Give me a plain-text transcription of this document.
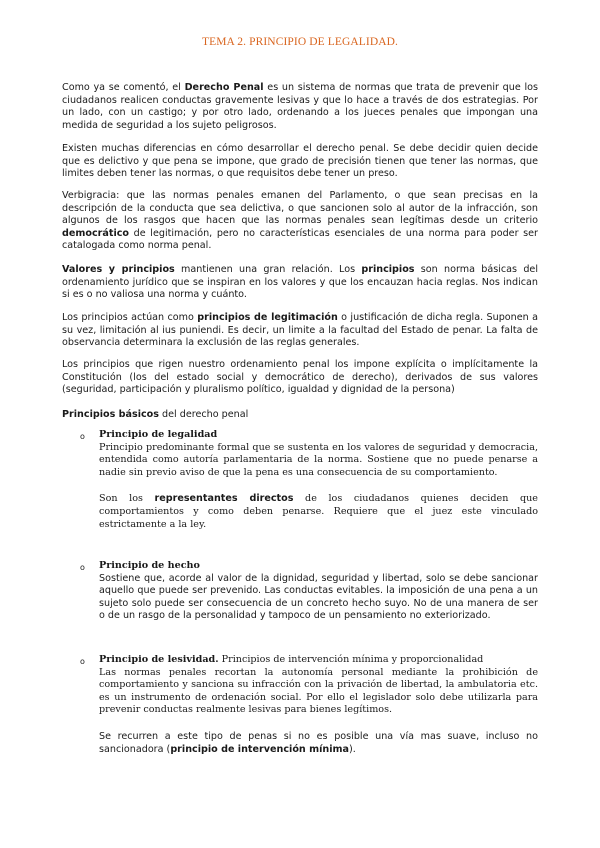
TEMA 2. PRINCIPIO DE LEGALIDAD.
Como ya se comentó, el Derecho Penal es un sistema de normas que trata de prevenir que los ciudadanos realicen conductas gravemente lesivas y que lo hace a través de dos estrategias. Por un lado, con un castigo; y por otro lado, ordenando a los jueces penales que impongan una medida de seguridad a los sujeto peligrosos.
Existen muchas diferencias en cómo desarrollar el derecho penal. Se debe decidir quien decide que es delictivo y que pena se impone, que grado de precisión tienen que tener las normas, que limites deben tener las normas, o que requisitos debe tener un preso.
Verbigracia: que las normas penales emanen del Parlamento, o que sean precisas en la descripción de la conducta que sea delictiva, o que sancionen solo al autor de la infracción, son algunos de los rasgos que hacen que las normas penales sean legítimas desde un criterio democrático de legitimación, pero no características esenciales de una norma para poder ser catalogada como norma penal.
Valores y principios mantienen una gran relación. Los principios son norma básicas del ordenamiento jurídico que se inspiran en los valores y que los encauzan hacia reglas. Nos indican si es o no valiosa una norma y cuánto.
Los principios actúan como principios de legitimación o justificación de dicha regla. Suponen a su vez, limitación al ius puniendi. Es decir, un limite a la facultad del Estado de penar. La falta de observancia determinara la exclusión de las reglas generales.
Los principios que rigen nuestro ordenamiento penal los impone explícita o implícitamente la Constitución (los del estado social y democrático de derecho), derivados de sus valores (seguridad, participación y pluralismo político, igualdad y dignidad de la persona)
Principios básicos del derecho penal
o Principio de legalidad
Principio predominante formal que se sustenta en los valores de seguridad y democracia, entendida como autoría parlamentaria de la norma. Sostiene que no puede penarse a nadie sin previo aviso de que la pena es una consecuencia de su comportamiento.
Son los representantes directos de los ciudadanos quienes deciden que comportamientos y como deben penarse. Requiere que el juez este vinculado estrictamente a la ley.
o Principio de hecho
Sostiene que, acorde al valor de la dignidad, seguridad y libertad, solo se debe sancionar aquello que puede ser prevenido. Las conductas evitables. la imposición de una pena a un sujeto solo puede ser consecuencia de un concreto hecho suyo. No de una manera de ser o de un rasgo de la personalidad y tampoco de un pensamiento no exteriorizado.
o Principio de lesividad. Principios de intervención mínima y proporcionalidad
Las normas penales recortan la autonomía personal mediante la prohibición de comportamiento y sanciona su infracción con la privación de libertad, la ambulatoria etc. es un instrumento de ordenación social. Por ello el legislador solo debe utilizarla para prevenir conductas realmente lesivas para bienes legítimos.
Se recurren a este tipo de penas si no es posible una vía mas suave, incluso no sancionadora (principio de intervención mínima).
